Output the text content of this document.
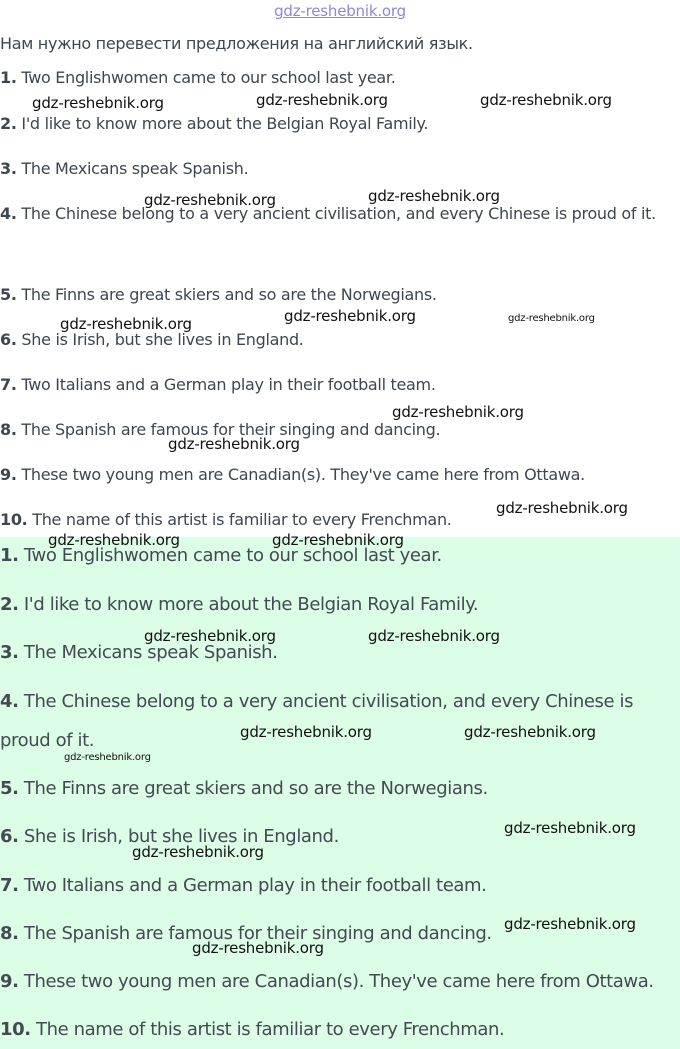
gdz-reshebnik.org
Нам нужно перевести предложения на английский язык.
1. Two Englishwomen came to our school last year.
2. I'd like to know more about the Belgian Royal Family.
3. The Mexicans speak Spanish.
4. The Chinese belong to a very ancient civilisation, and every Chinese is proud of it.
5. The Finns are great skiers and so are the Norwegians.
6. She is Irish, but she lives in England.
7. Two Italians and a German play in their football team.
8. The Spanish are famous for their singing and dancing.
9. These two young men are Canadian(s). They've came here from Ottawa.
10. The name of this artist is familiar to every Frenchman.
1. Two Englishwomen came to our school last year.
2. I'd like to know more about the Belgian Royal Family.
3. The Mexicans speak Spanish.
4. The Chinese belong to a very ancient civilisation, and every Chinese is proud of it.
5. The Finns are great skiers and so are the Norwegians.
6. She is Irish, but she lives in England.
7. Two Italians and a German play in their football team.
8. The Spanish are famous for their singing and dancing.
9. These two young men are Canadian(s). They've came here from Ottawa.
10. The name of this artist is familiar to every Frenchman.
gdz-reshebnik.org	gdz-reshebnik.org	gdz-reshebnik.org
gdz-reshebnik.org	gdz-reshebnik.org
gdz-reshebnik.org	gdz-reshebnik.org	gdz-reshebnik.org
gdz-reshebnik.org
gdz-reshebnik.org
gdz-reshebnik.org
gdz-reshebnik.org	gdz-reshebnik.org
gdz-reshebnik.org	gdz-reshebnik.org
gdz-reshebnik.org	gdz-reshebnik.org
gdz-reshebnik.org
gdz-reshebnik.org
gdz-reshebnik.org
gdz-reshebnik.org
gdz-reshebnik.org
